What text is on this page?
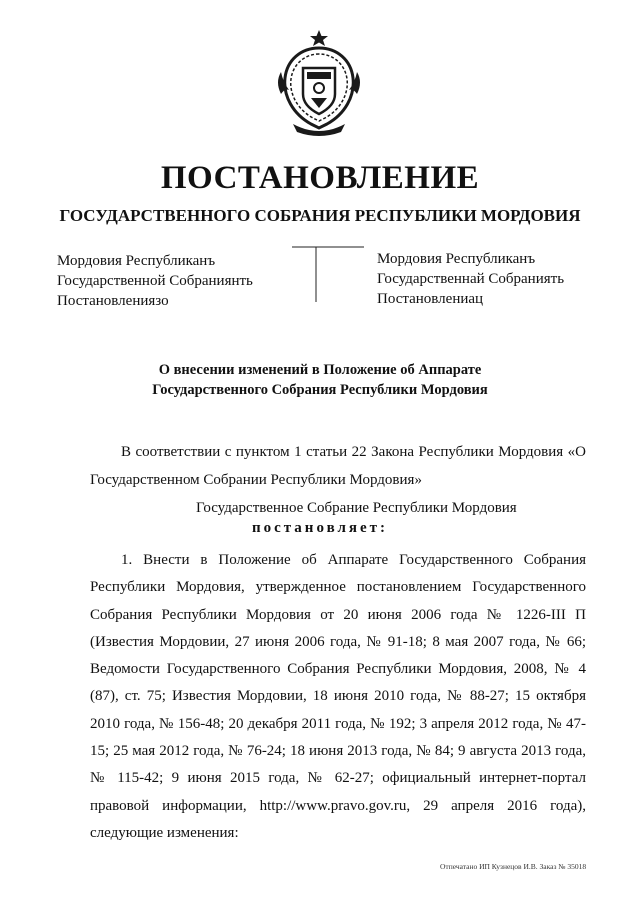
ПОСТАНОВЛЕНИЕ
ГОСУДАРСТВЕННОГО СОБРАНИЯ РЕСПУБЛИКИ МОРДОВИЯ
Мордовия Республиканъ
Государственной Собраниянть
Постановлениязо
Мордовия Республиканъ
Государственнай Собраниять
Постановлениац
О внесении изменений в Положение об Аппарате
Государственного Собрания Республики Мордовия
В соответствии с пунктом 1 статьи 22 Закона Республики Мордовия «О Государственном Собрании Республики Мордовия»
Государственное Собрание Республики Мордовия
постановляет:
1. Внести в Положение об Аппарате Государственного Собрания Республики Мордовия, утвержденное постановлением Государственного Собрания Республики Мордовия от 20 июня 2006 года № 1226-III П (Известия Мордовии, 27 июня 2006 года, № 91-18; 8 мая 2007 года, № 66; Ведомости Государственного Собрания Республики Мордовия, 2008, № 4 (87), ст. 75; Известия Мордовии, 18 июня 2010 года, № 88-27; 15 октября 2010 года, № 156-48; 20 декабря 2011 года, № 192; 3 апреля 2012 года, № 47-15; 25 мая 2012 года, № 76-24; 18 июня 2013 года, № 84; 9 августа 2013 года, № 115-42; 9 июня 2015 года, № 62-27; официальный интернет-портал правовой информации, http://www.pravo.gov.ru, 29 апреля 2016 года), следующие изменения:
Отпечатано ИП Кузнецов И.В. Заказ № 35018
